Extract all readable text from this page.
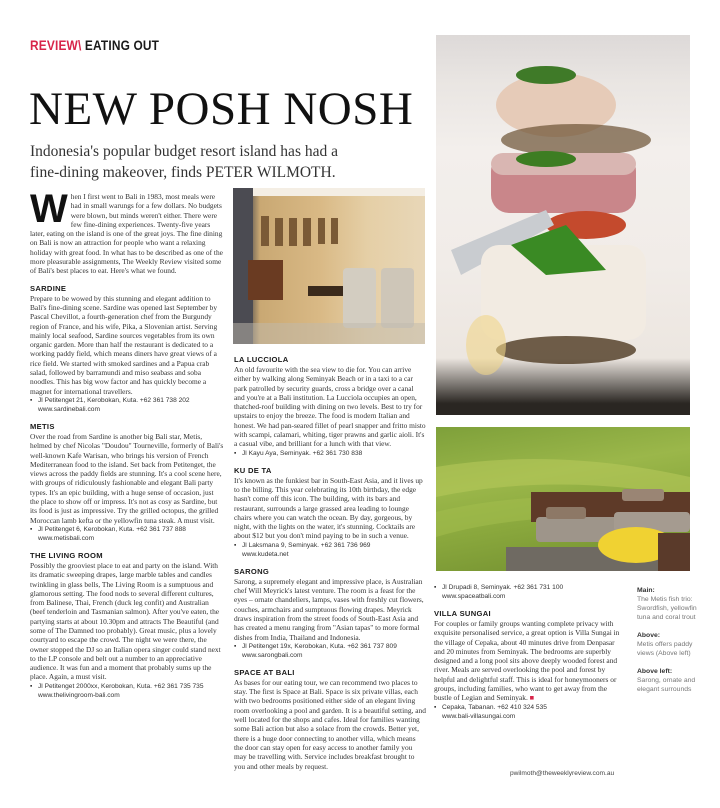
REVIEW\ EATING OUT
NEW POSH NOSH
Indonesia's popular budget resort island has had a fine-dining makeover, finds PETER WILMOTH.
W hen I first went to Bali in 1983, most meals were had in small warungs for a few dollars. No budgets were blown, but minds weren't either. There were few fine-dining experiences. Twenty-five years later, eating on the island is one of the great joys. The fine dining on Bali is now an attraction for people who want a relaxing holiday with great food. In what has to be described as one of the more pleasurable assignments, The Weekly Review visited some of Bali's best places to eat. Here's what we found.
SARDINE

Prepare to be wowed by this stunning and elegant addition to Bali's fine-dining scene. Sardine was opened last September by Pascal Chevillot, a fourth-generation chef from the Burgundy region of France, and his wife, Pika, a Slovenian artist. Serving mainly local seafood, Sardine sources vegetables from its own organic garden. More than half the restaurant is dedicated to a working paddy field, which means diners have great views of a rice field. We started with smoked sardines and a Papua crab salad, followed by barramundi and miso seabass and soba noodles. This has big wow factor and has quickly become a magnet for international travellers.

▪ Jl Petitenget 21, Kerobokan, Kuta. +62 361 738 202
www.sardinebali.com
METIS

Over the road from Sardine is another big Bali star, Metis, helmed by chef Nicolas "Doudou" Tourneville, formerly of Bali's well-known Kafe Warisan, who brings his version of French Mediterranean food to the island. Set back from Petitenget, the views across the paddy fields are stunning. It's a cool scene here, with groups of ridiculously fashionable and elegant Bali party types. It's an epic building, with a huge sense of occasion, just the place to show off or impress. It's not as cosy as Sardine, but its food is just as impressive. Try the grilled octopus, the grilled Moroccan lamb kefta or the yellowfin tuna steak. A must visit.

▪ Jl Petitenget 6, Kerobokan, Kuta. +62 361 737 888
www.metisbali.com
THE LIVING ROOM

Possibly the grooviest place to eat and party on the island. With its dramatic sweeping drapes, large marble tables and candles twinkling in glass bells, The Living Room is a sumptuous and glamorous setting. The food nods to several different cultures, from Balinese, Thai, French (duck leg confit) and Australian (beef tenderloin and Tasmanian salmon). After you've eaten, the partying starts at about 10.30pm and attracts The Beautiful (and some of The Damned too probably). Great music, plus a lovely courtyard to escape the crowd. The night we were there, the owner stopped the DJ so an Italian opera singer could stand next to the LP console and belt out a number to an appreciative audience. It was fun and a moment that probably sums up the place. Again, a must visit.

▪ Jl Petitenget 2000xx, Kerobokan, Kuta. +62 361 735 735
www.thelivingroom-bali.com
LA LUCCIOLA

An old favourite with the sea view to die for. You can arrive either by walking along Seminyak Beach or in a taxi to a car park patrolled by security guards, cross a bridge over a canal and you're at a Bali institution. La Lucciola occupies an open, thatched-roof building with dining on two levels. Best to try for upstairs to enjoy the breeze. The food is modern Italian and honest. We had pan-seared fillet of pearl snapper and fritto misto with scampi, calamari, whiting, tiger prawns and garlic aioli. It's a casual vibe, and brilliant for a lunch with that view.

▪ Jl Kayu Aya, Seminyak. +62 361 730 838
KU DE TA

It's known as the funkiest bar in South-East Asia, and it lives up to the billing. This year celebrating its 10th birthday, the edge hasn't come off this icon. The building, with its bars and restaurant, surrounds a large grassed area leading to lounge chairs where you can watch the ocean. By day, gorgeous, by night, with the lights on the water, it's stunning. Cocktails are about $12 but you don't mind paying to be in such a venue.

▪ Jl Laksmana 9, Seminyak. +62 361 736 969
www.kudeta.net
SARONG

Sarong, a supremely elegant and impressive place, is Australian chef Will Meyrick's latest venture. The room is a feast for the eyes – ornate chandeliers, lamps, vases with freshly cut flowers, couches, armchairs and sumptuous flowing drapes. Meyrick draws inspiration from the street foods of South-East Asia and has created a menu ranging from "Asian tapas" to more formal dishes from India, Thailand and Indonesia.

▪ Jl Petitenget 19x, Kerobokan, Kuta. +62 361 737 809
www.sarongbali.com
SPACE AT BALI

As bases for our eating tour, we can recommend two places to stay. The first is Space at Bali. Space is six private villas, each with two bedrooms positioned either side of an elegant living room overlooking a pool and garden. It is a beautiful setting, and well located for the shops and cafes. Ideal for families wanting some Bali action but also a solace from the crowds. Better yet, there is a huge door connecting to another villa, which means the door can stay open for easy access to another family you may be travelling with. Service includes breakfast brought to you and other meals by request.

▪ Jl Drupadi 8, Seminyak. +62 361 731 100
www.spaceatbali.com
VILLA SUNGAI

For couples or family groups wanting complete privacy with exquisite personalised service, a great option is Villa Sungai in the village of Cepaka, about 40 minutes drive from Denpasar and 20 minutes from Seminyak. The bedrooms are superbly designed and a long pool sits above deeply wooded forest and river. Meals are served overlooking the pool and forest by helpful and delightful staff. This is ideal for honeymooners or groups, including families, who want to get away from the bustle of Legian and Seminyak. ■

▪ Cepaka, Tabanan. +62 410 324 535
www.bali-villasungai.com
Main:
The Metis fish trio: Swordfish, yellowfin tuna and coral trout
Above:
Metis offers paddy views (Above left)
Above left:
Sarong, ornate and elegant surrounds
pwilmoth@theweeklyreview.com.au
